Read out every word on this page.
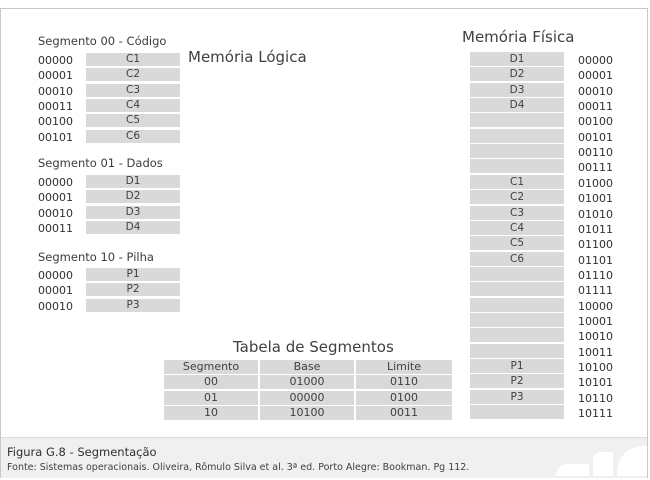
Memória Lógica
Segmento 00 - Código
00000	C1
00001	C2
00010	C3
00011	C4
00100	C5
00101	C6
Segmento 01 - Dados
00000	D1
00001	D2
00010	D3
00011	D4
Segmento 10 - Pilha
00000	P1
00001	P2
00010	P3
Memória Física
D1	00000
D2	00001
D3	00010
D4	00011
00100
00101
00110
00111
C1	01000
C2	01001
C3	01010
C4	01011
C5	01100
C6	01101
01110
01111
10000
10001
10010
10011
P1	10100
P2	10101
P3	10110
10111
Tabela de Segmentos
Segmento	Base	Limite
00	01000	0110
01	00000	0100
10	10100	0011
Figura G.8 - Segmentação
Fonte: Sistemas operacionais. Oliveira, Rômulo Silva et al. 3ª ed. Porto Alegre: Bookman. Pg 112.
